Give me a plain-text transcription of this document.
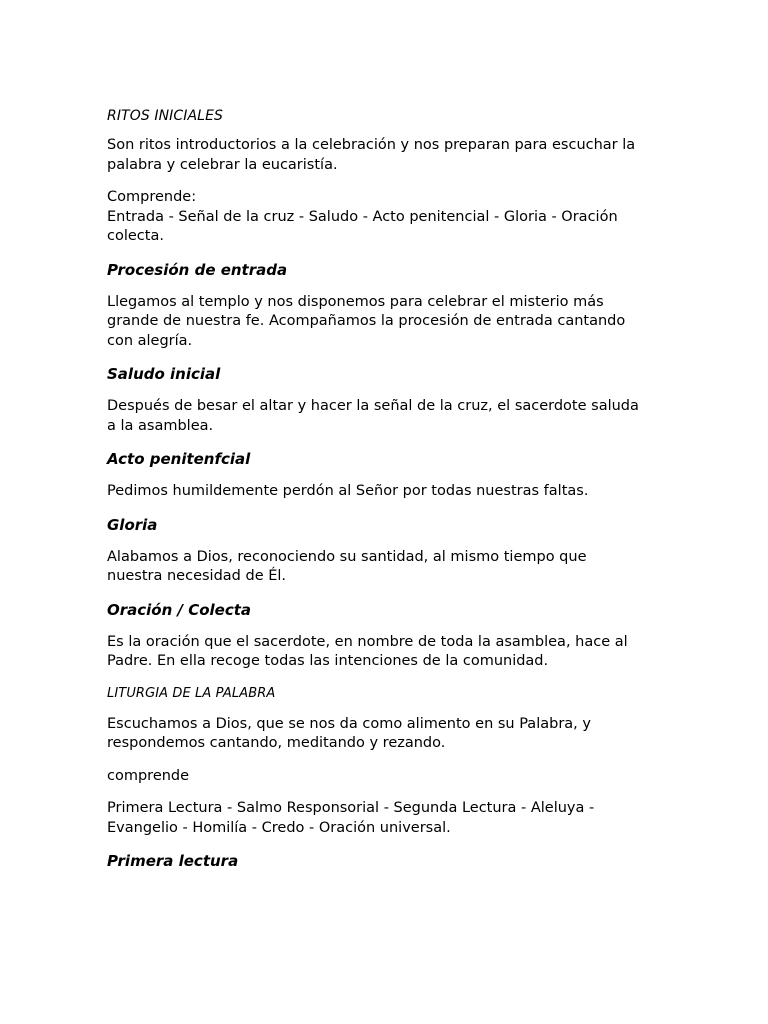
RITOS INICIALES
Son ritos introductorios a la celebración y nos preparan para escuchar la
palabra y celebrar la eucaristía.
Comprende:
Entrada - Señal de la cruz - Saludo - Acto penitencial - Gloria - Oración
colecta.
Procesión de entrada
Llegamos al templo y nos disponemos para celebrar el misterio más
grande de nuestra fe. Acompañamos la procesión de entrada cantando
con alegría.
Saludo inicial
Después de besar el altar y hacer la señal de la cruz, el sacerdote saluda
a la asamblea.
Acto penitenfcial
Pedimos humildemente perdón al Señor por todas nuestras faltas.
Gloria
Alabamos a Dios, reconociendo su santidad, al mismo tiempo que
nuestra necesidad de Él.
Oración / Colecta
Es la oración que el sacerdote, en nombre de toda la asamblea, hace al
Padre. En ella recoge todas las intenciones de la comunidad.
LITURGIA DE LA PALABRA
Escuchamos a Dios, que se nos da como alimento en su Palabra, y
respondemos cantando, meditando y rezando.
comprende
Primera Lectura - Salmo Responsorial - Segunda Lectura - Aleluya -
Evangelio - Homilía - Credo - Oración universal.
Primera lectura
